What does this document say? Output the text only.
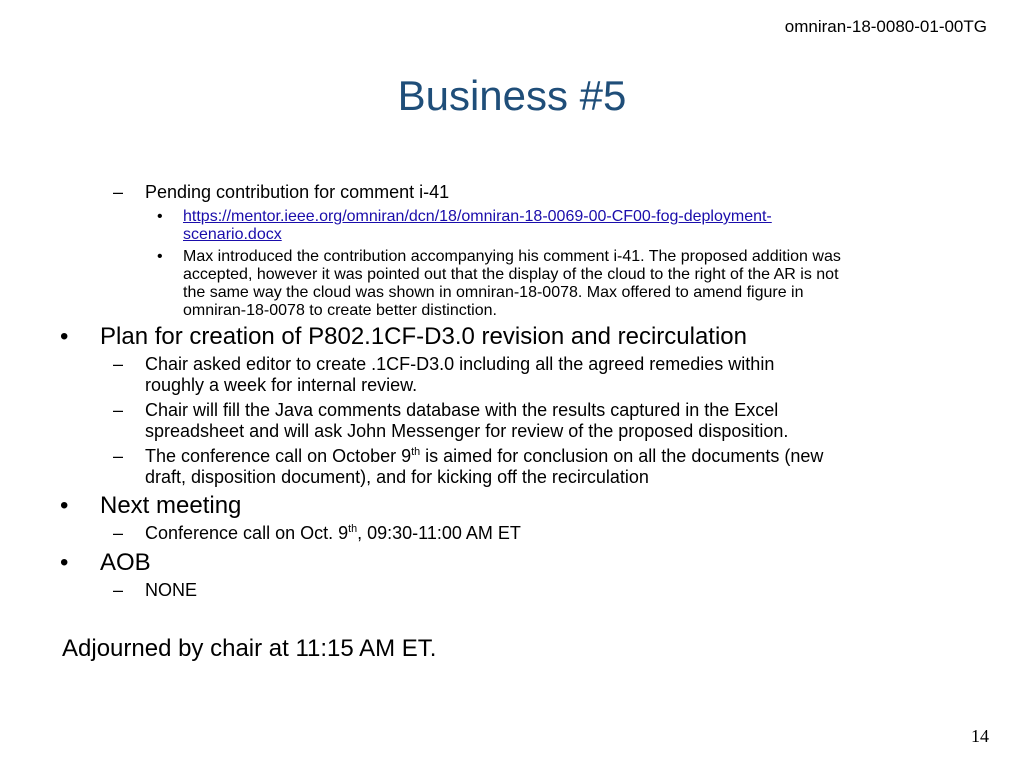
omniran-18-0080-01-00TG
Business #5
– Pending contribution for comment i-41
• https://mentor.ieee.org/omniran/dcn/18/omniran-18-0069-00-CF00-fog-deployment-
scenario.docx
• Max introduced the contribution accompanying his comment i-41. The proposed addition was
accepted, however it was pointed out that the display of the cloud to the right of the AR is not
the same way the cloud was shown in omniran-18-0078. Max offered to amend figure in
omniran-18-0078 to create better distinction.
• Plan for creation of P802.1CF-D3.0 revision and recirculation
– Chair asked editor to create .1CF-D3.0 including all the agreed remedies within
roughly a week for internal review.
– Chair will fill the Java comments database with the results captured in the Excel
spreadsheet and will ask John Messenger for review of the proposed disposition.
– The conference call on October 9th is aimed for conclusion on all the documents (new
draft, disposition document), and for kicking off the recirculation
• Next meeting
– Conference call on Oct. 9th, 09:30-11:00 AM ET
• AOB
– NONE
Adjourned by chair at 11:15 AM ET.
14
